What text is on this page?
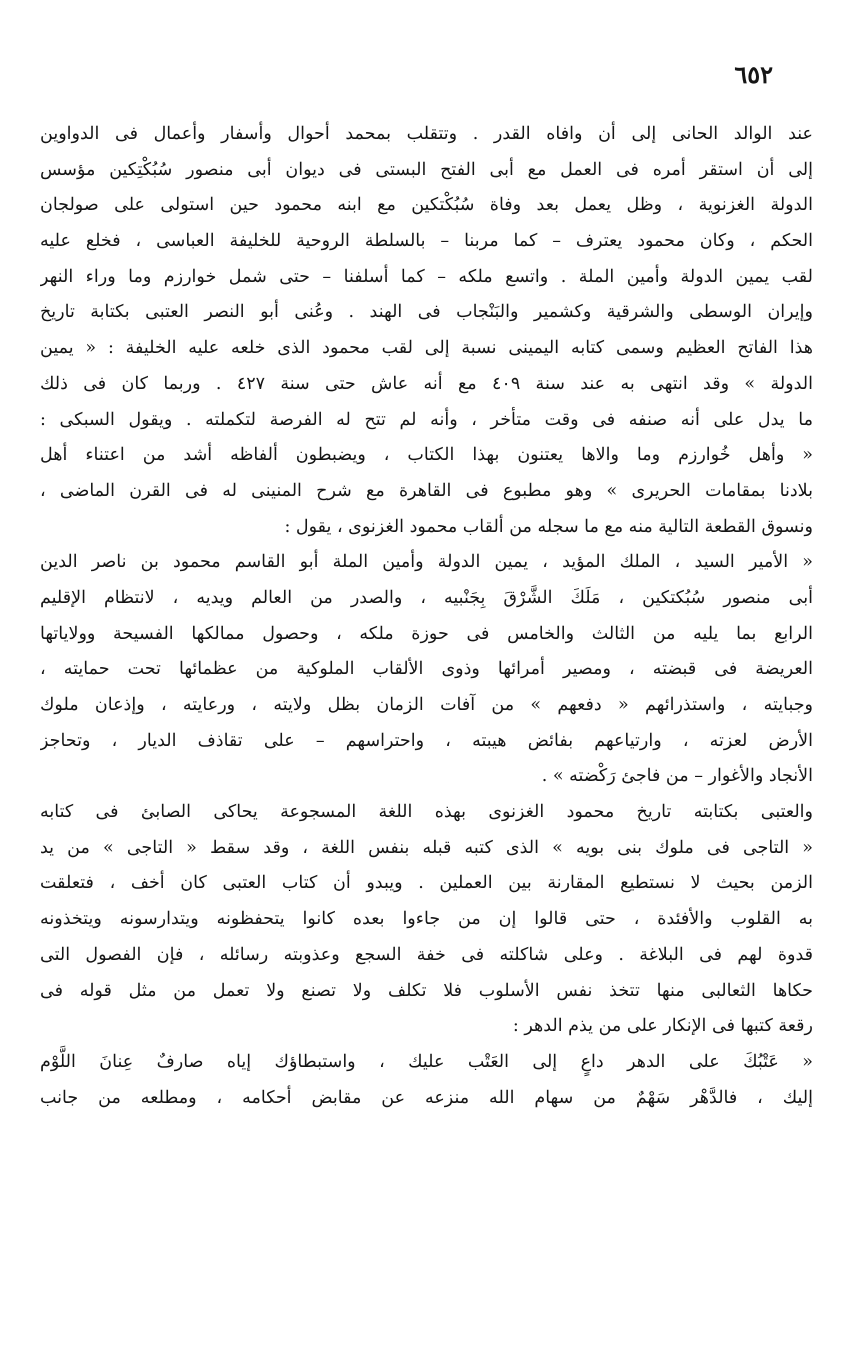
٦٥٢
عند الوالد الحانى إلى أن وافاه القدر . وتتقلب بمحمد أحوال وأسفار وأعمال فى الدواوين
إلى أن استقر أمره فى العمل مع أبى الفتح البستى فى ديوان أبى منصور سُبُكْتِكين مؤسس
الدولة الغزنوية ، وظل يعمل بعد وفاة سُبُكْتكين مع ابنه محمود حين استولى على صولجان
الحكم ، وكان محمود يعترف – كما مربنا – بالسلطة الروحية للخليفة العباسى ، فخلع عليه
لقب يمين الدولة وأمين الملة . واتسع ملكه – كما أسلفنا – حتى شمل خوارزم وما وراء النهر
وإيران الوسطى والشرقية وكشمير والبَنْجاب فى الهند . وعُنى أبو النصر العتبى بكتابة تاريخ
هذا الفاتح العظيم وسمى كتابه اليمينى نسبة إلى لقب محمود الذى خلعه عليه الخليفة : « يمين
الدولة » وقد انتهى به عند سنة ٤٠٩ مع أنه عاش حتى سنة ٤٢٧ . وربما كان فى ذلك
ما يدل على أنه صنفه فى وقت متأخر ، وأنه لم تتح له الفرصة لتكملته . ويقول السبكى :
« وأهل خُوارزم وما والاها يعتنون بهذا الكتاب ، ويضبطون ألفاظه أشد من اعتناء أهل
بلادنا بمقامات الحريرى » وهو مطبوع فى القاهرة مع شرح المنينى له فى القرن الماضى ،
ونسوق القطعة التالية منه مع ما سجله من ألقاب محمود الغزنوى ، يقول :
« الأمير السيد ، الملك المؤيد ، يمين الدولة وأمين الملة أبو القاسم محمود بن ناصر الدين
أبى منصور سُبُكتكين ، مَلَكَ الشَّرْقَ بِجَنْبيه ، والصدر من العالم ويديه ، لانتظام الإقليم
الرابع بما يليه من الثالث والخامس فى حوزة ملكه ، وحصول ممالكها الفسيحة وولاياتها
العريضة فى قبضته ، ومصير أمرائها وذوى الألقاب الملوكية من عظمائها تحت حمايته ،
وجبايته ، واستذرائهم « دفعهم » من آفات الزمان بظل ولايته ، ورعايته ، وإذعان ملوك
الأرض لعزته ، وارتياعهم بفائض هيبته ، واحتراسهم – على تقاذف الديار ، وتحاجز
الأنجاد والأغوار – من فاجئ رَكْضته » .
والعتبى بكتابته تاريخ محمود الغزنوى بهذه اللغة المسجوعة يحاكى الصابئ فى كتابه
« التاجى فى ملوك بنى بويه » الذى كتبه قبله بنفس اللغة ، وقد سقط « التاجى » من يد
الزمن بحيث لا نستطيع المقارنة بين العملين . ويبدو أن كتاب العتبى كان أخف ، فتعلقت
به القلوب والأفئدة ، حتى قالوا إن من جاءوا بعده كانوا يتحفظونه ويتدارسونه ويتخذونه
قدوة لهم فى البلاغة . وعلى شاكلته فى خفة السجع وعذوبته رسائله ، فإن الفصول التى
حكاها الثعالبى منها تتخذ نفس الأسلوب فلا تكلف ولا تصنع ولا تعمل من مثل قوله فى
رقعة كتبها فى الإنكار على من يذم الدهر :
« عَتْبُكَ على الدهر داعٍ إلى العَتْب عليك ، واستبطاؤك إياه صارفٌ عِنانَ اللَّوْم
إليك ، فالدَّهْر سَهْمٌ من سهام الله منزعه عن مقابض أحكامه ، ومطلعه من جانب
